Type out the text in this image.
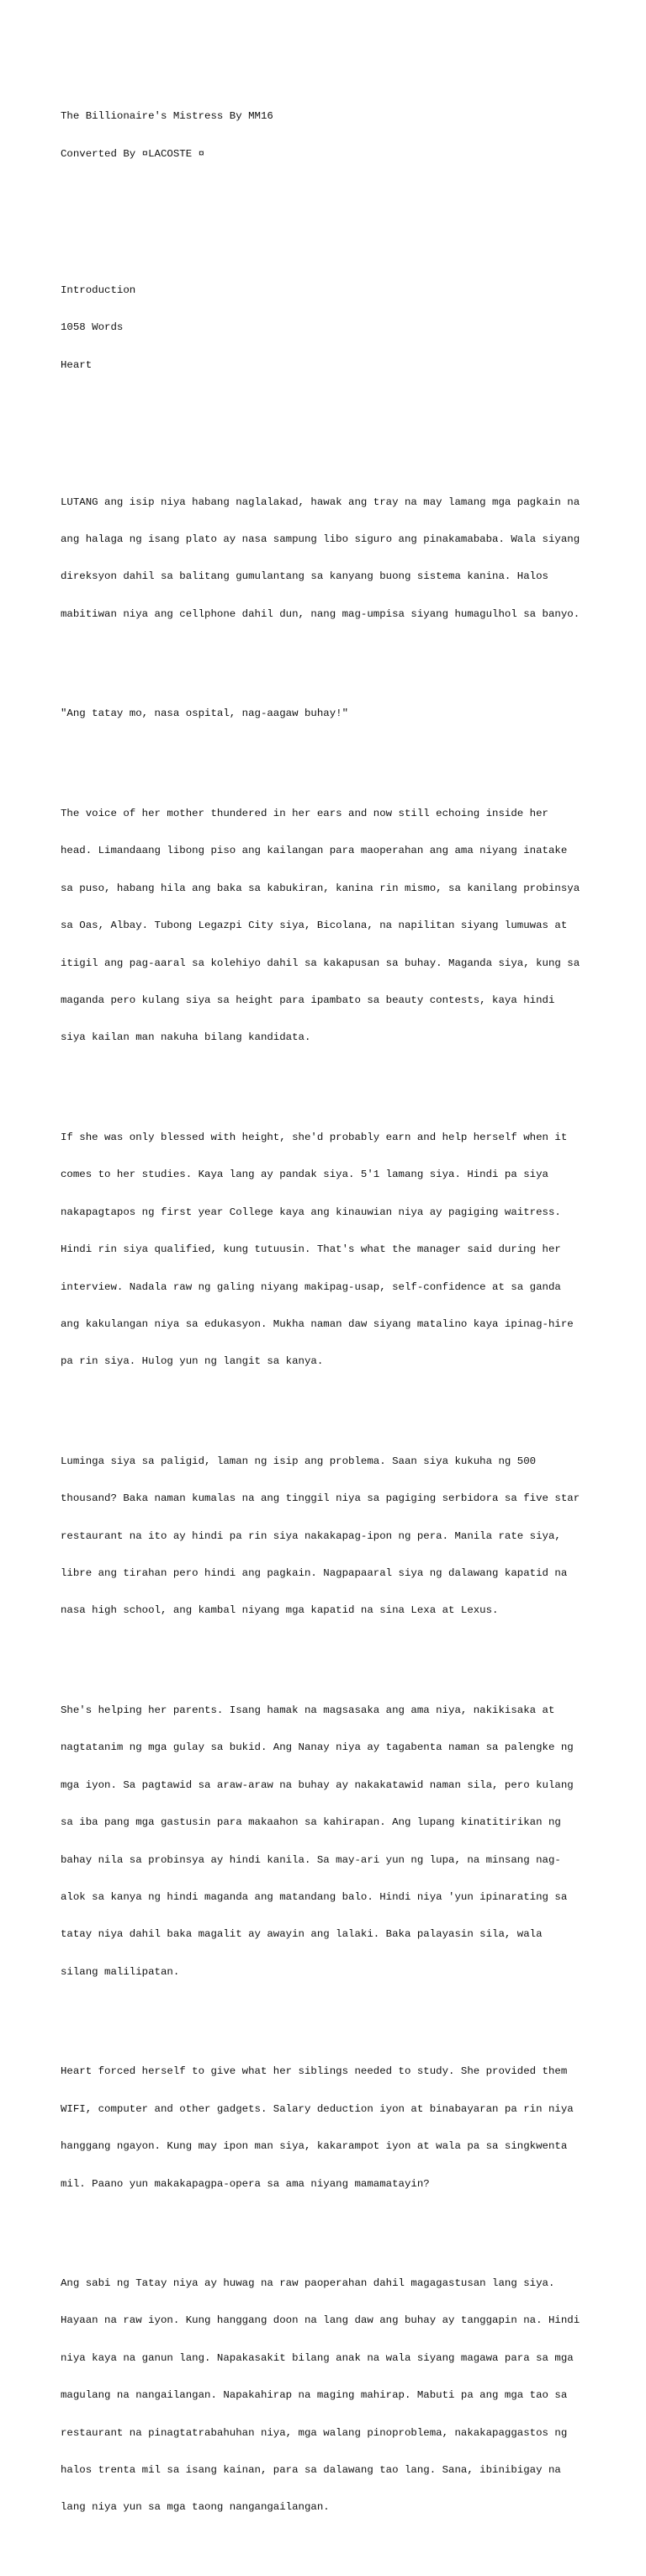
The Billionaire's Mistress By MM16

Converted By ¤LACOSTE ¤

Introduction

1058 Words

Heart

LUTANG ang isip niya habang naglalakad, hawak ang tray na may lamang mga pagkain na

ang halaga ng isang plato ay nasa sampung libo siguro ang pinakamababa. Wala siyang

direksyon dahil sa balitang gumulantang sa kanyang buong sistema kanina. Halos

mabitiwan niya ang cellphone dahil dun, nang mag-umpisa siyang humagulhol sa banyo.

"Ang tatay mo, nasa ospital, nag-aagaw buhay!"

The voice of her mother thundered in her ears and now still echoing inside her

head. Limandaang libong piso ang kailangan para maoperahan ang ama niyang inatake

sa puso, habang hila ang baka sa kabukiran, kanina rin mismo, sa kanilang probinsya

sa Oas, Albay. Tubong Legazpi City siya, Bicolana, na napilitan siyang lumuwas at

itigil ang pag-aaral sa kolehiyo dahil sa kakapusan sa buhay. Maganda siya, kung sa

maganda pero kulang siya sa height para ipambato sa beauty contests, kaya hindi

siya kailan man nakuha bilang kandidata.

If she was only blessed with height, she'd probably earn and help herself when it

comes to her studies. Kaya lang ay pandak siya. 5'1 lamang siya. Hindi pa siya

nakapagtapos ng first year College kaya ang kinauwian niya ay pagiging waitress.

Hindi rin siya qualified, kung tutuusin. That's what the manager said during her

interview. Nadala raw ng galing niyang makipag-usap, self-confidence at sa ganda

ang kakulangan niya sa edukasyon. Mukha naman daw siyang matalino kaya ipinag-hire

pa rin siya. Hulog yun ng langit sa kanya.

Luminga siya sa paligid, laman ng isip ang problema. Saan siya kukuha ng 500

thousand? Baka naman kumalas na ang tinggil niya sa pagiging serbidora sa five star

restaurant na ito ay hindi pa rin siya nakakapag-ipon ng pera. Manila rate siya,

libre ang tirahan pero hindi ang pagkain. Nagpapaaral siya ng dalawang kapatid na

nasa high school, ang kambal niyang mga kapatid na sina Lexa at Lexus.

She's helping her parents. Isang hamak na magsasaka ang ama niya, nakikisaka at

nagtatanim ng mga gulay sa bukid. Ang Nanay niya ay tagabenta naman sa palengke ng

mga iyon. Sa pagtawid sa araw-araw na buhay ay nakakatawid naman sila, pero kulang

sa iba pang mga gastusin para makaahon sa kahirapan. Ang lupang kinatitirikan ng

bahay nila sa probinsya ay hindi kanila. Sa may-ari yun ng lupa, na minsang nag-

alok sa kanya ng hindi maganda ang matandang balo. Hindi niya 'yun ipinarating sa

tatay niya dahil baka magalit ay awayin ang lalaki. Baka palayasin sila, wala

silang malilipatan.

Heart forced herself to give what her siblings needed to study. She provided them

WIFI, computer and other gadgets. Salary deduction iyon at binabayaran pa rin niya

hanggang ngayon. Kung may ipon man siya, kakarampot iyon at wala pa sa singkwenta

mil. Paano yun makakapagpa-opera sa ama niyang mamamatayin?

Ang sabi ng Tatay niya ay huwag na raw paoperahan dahil magagastusan lang siya.

Hayaan na raw iyon. Kung hanggang doon na lang daw ang buhay ay tanggapin na. Hindi

niya kaya na ganun lang. Napakasakit bilang anak na wala siyang magawa para sa mga

magulang na nangailangan. Napakahirap na maging mahirap. Mabuti pa ang mga tao sa

restaurant na pinagtatrabahuhan niya, mga walang pinoproblema, nakakapaggastos ng

halos trenta mil sa isang kainan, para sa dalawang tao lang. Sana, ibinibigay na

lang niya yun sa mga taong nangangailangan.
